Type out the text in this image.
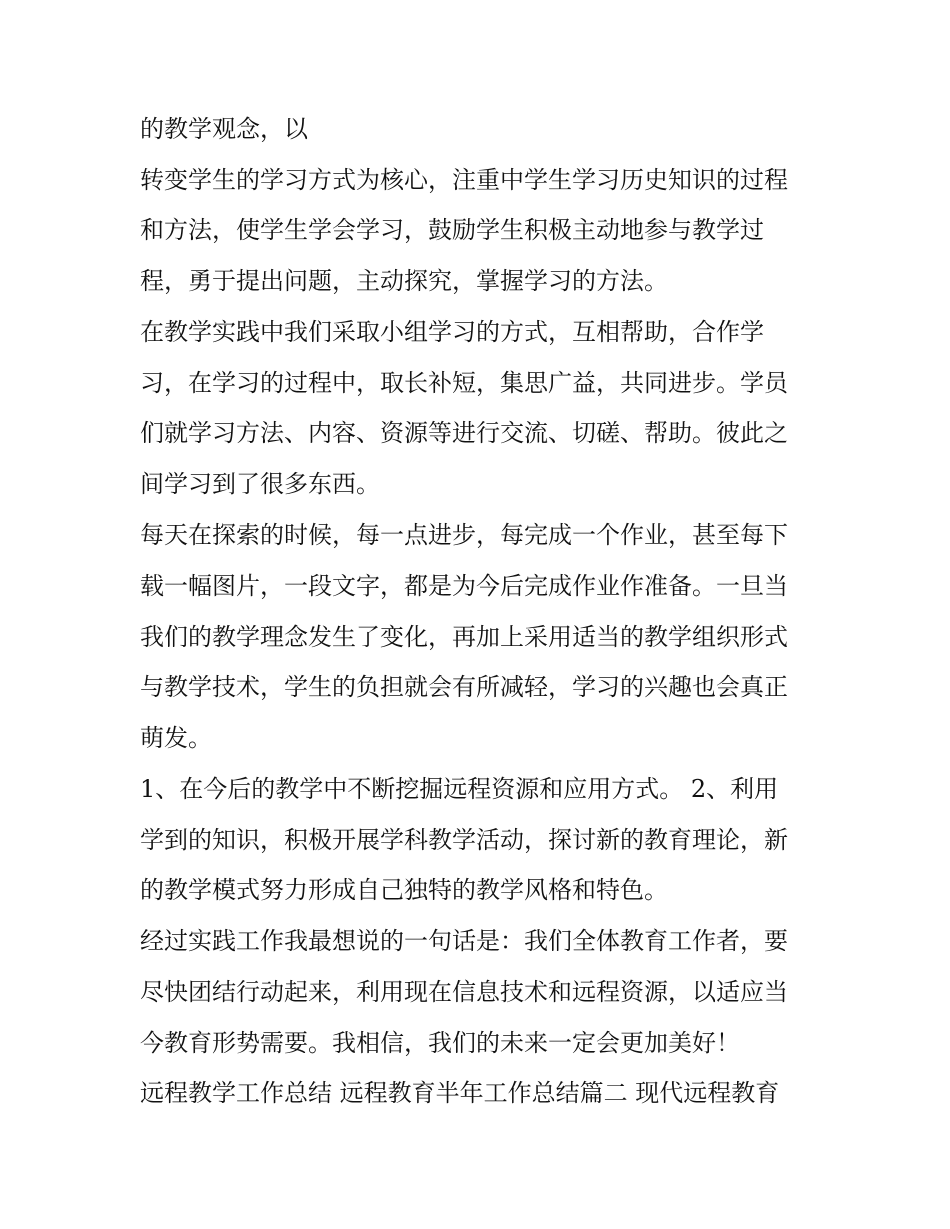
的教学观念，以
转变学生的学习方式为核心，注重中学生学习历史知识的过程
和方法，使学生学会学习，鼓励学生积极主动地参与教学过
程，勇于提出问题，主动探究，掌握学习的方法。
在教学实践中我们采取小组学习的方式，互相帮助，合作学
习，在学习的过程中，取长补短，集思广益，共同进步。学员
们就学习方法、内容、资源等进行交流、切磋、帮助。彼此之
间学习到了很多东西。
每天在探索的时候，每一点进步，每完成一个作业，甚至每下
载一幅图片，一段文字，都是为今后完成作业作准备。一旦当
我们的教学理念发生了变化，再加上采用适当的教学组织形式
与教学技术，学生的负担就会有所减轻，学习的兴趣也会真正
萌发。
1、在今后的教学中不断挖掘远程资源和应用方式。 2、利用
学到的知识，积极开展学科教学活动，探讨新的教育理论，新
的教学模式努力形成自己独特的教学风格和特色。
经过实践工作我最想说的一句话是：我们全体教育工作者，要
尽快团结行动起来，利用现在信息技术和远程资源，以适应当
今教育形势需要。我相信，我们的未来一定会更加美好！
远程教学工作总结 远程教育半年工作总结篇二 现代远程教育
